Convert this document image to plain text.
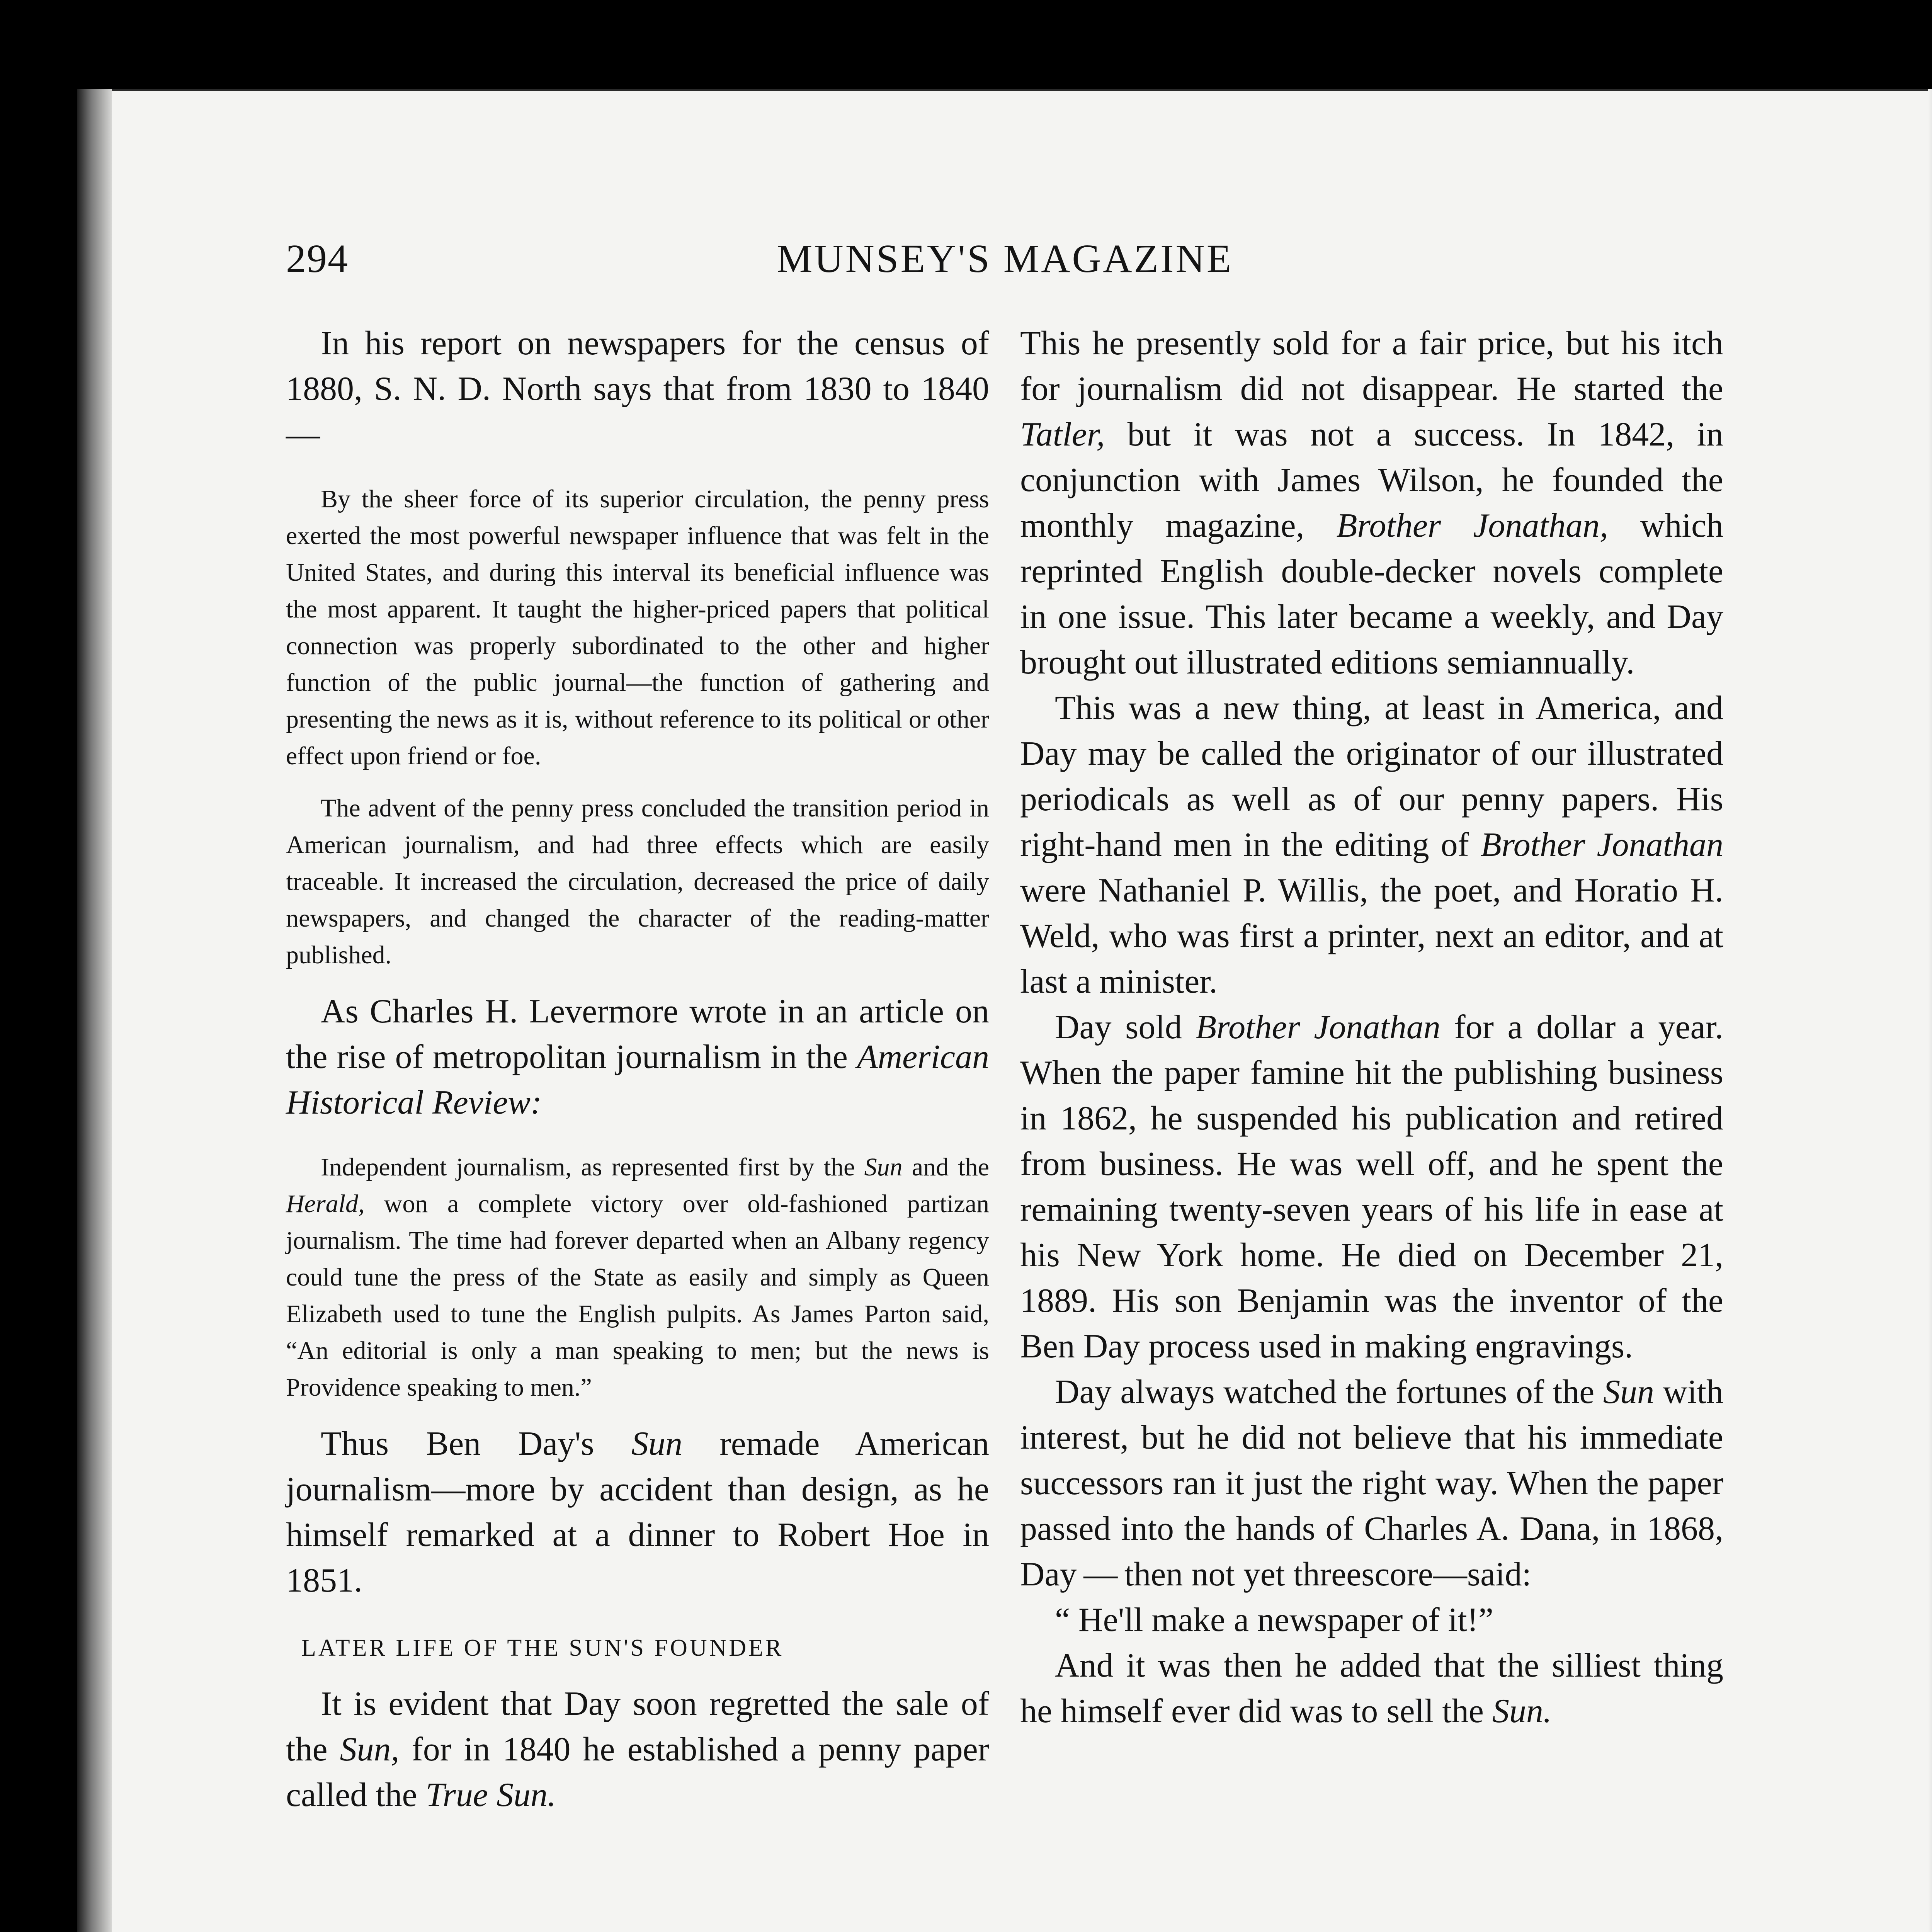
294	MUNSEY'S MAGAZINE

In his report on newspapers for the census of 1880, S. N. D. North says that from 1830 to 1840—

By the sheer force of its superior circulation, the penny press exerted the most powerful newspaper influence that was felt in the United States, and during this interval its beneficial influence was the most apparent. It taught the higher-priced papers that political connection was properly subordinated to the other and higher function of the public journal—the function of gathering and presenting the news as it is, without reference to its political or other effect upon friend or foe.

The advent of the penny press concluded the transition period in American journalism, and had three effects which are easily traceable. It increased the circulation, decreased the price of daily newspapers, and changed the character of the reading-matter published.

As Charles H. Levermore wrote in an article on the rise of metropolitan journalism in the American Historical Review:

Independent journalism, as represented first by the Sun and the Herald, won a complete victory over old-fashioned partizan journalism. The time had forever departed when an Albany regency could tune the press of the State as easily and simply as Queen Elizabeth used to tune the English pulpits. As James Parton said, “An editorial is only a man speaking to men; but the news is Providence speaking to men.”

Thus Ben Day's Sun remade American journalism—more by accident than design, as he himself remarked at a dinner to Robert Hoe in 1851.

LATER LIFE OF THE SUN'S FOUNDER

It is evident that Day soon regretted the sale of the Sun, for in 1840 he established a penny paper called the True Sun.

This he presently sold for a fair price, but his itch for journalism did not disappear. He started the Tatler, but it was not a success. In 1842, in conjunction with James Wilson, he founded the monthly magazine, Brother Jonathan, which reprinted English double-decker novels complete in one issue. This later became a weekly, and Day brought out illustrated editions semiannually.

This was a new thing, at least in America, and Day may be called the originator of our illustrated periodicals as well as of our penny papers. His right-hand men in the editing of Brother Jonathan were Nathaniel P. Willis, the poet, and Horatio H. Weld, who was first a printer, next an editor, and at last a minister.

Day sold Brother Jonathan for a dollar a year. When the paper famine hit the publishing business in 1862, he suspended his publication and retired from business. He was well off, and he spent the remaining twenty-seven years of his life in ease at his New York home. He died on December 21, 1889. His son Benjamin was the inventor of the Ben Day process used in making engravings.

Day always watched the fortunes of the Sun with interest, but he did not believe that his immediate successors ran it just the right way. When the paper passed into the hands of Charles A. Dana, in 1868, Day — then not yet threescore—said:

“ He'll make a newspaper of it!”

And it was then he added that the silliest thing he himself ever did was to sell the Sun.
